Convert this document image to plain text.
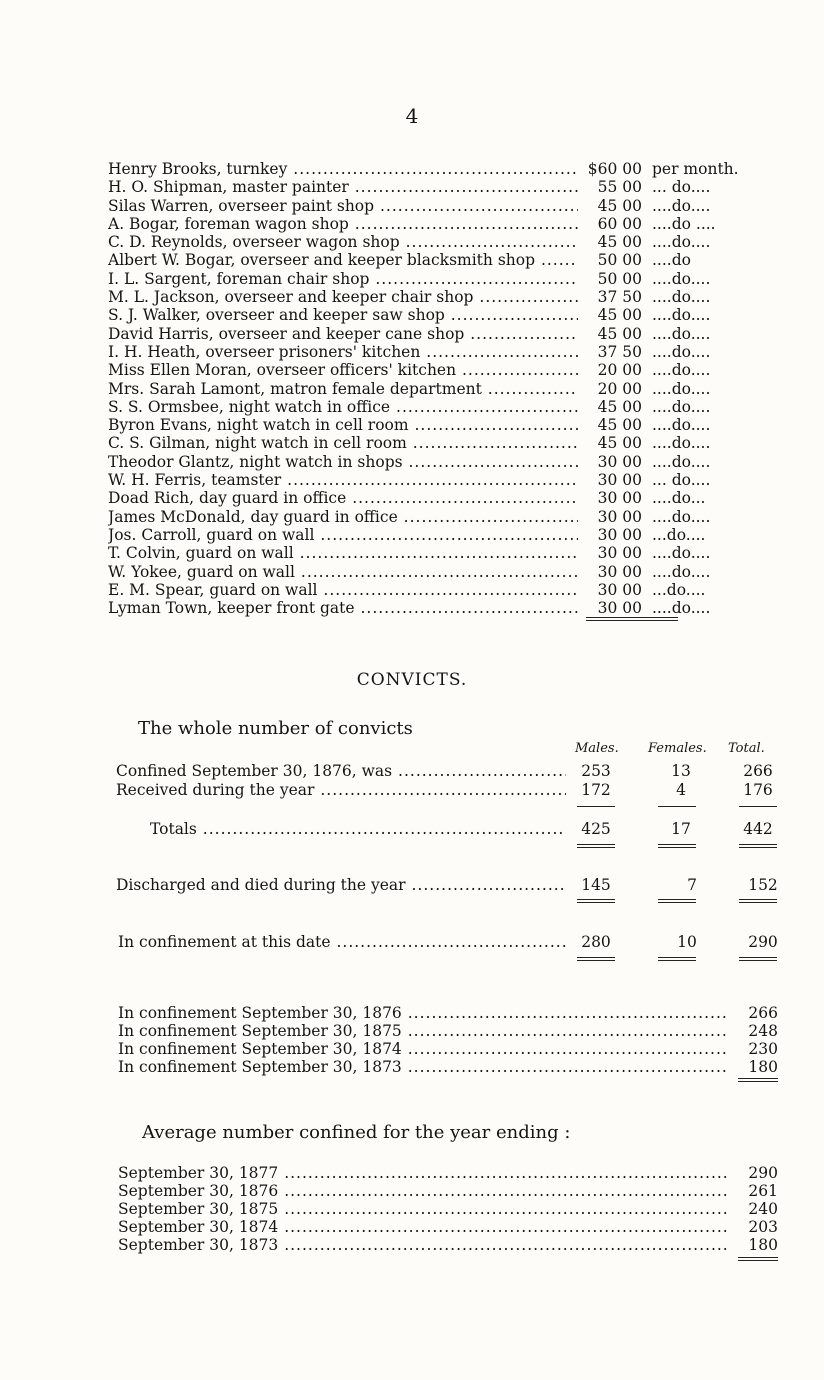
4
Henry Brooks, turnkey .....	$60 00 per month.
H. O. Shipman, master painter .....	55 00 ... do....
Silas Warren, overseer paint shop .....	45 00 ....do....
A. Bogar, foreman wagon shop .....	60 00 ....do ....
C. D. Reynolds, overseer wagon shop .....	45 00 ....do....
Albert W. Bogar, overseer and keeper blacksmith shop .....	50 00 ....do
I. L. Sargent, foreman chair shop .....	50 00 ....do....
M. L. Jackson, overseer and keeper chair shop .....	37 50 ....do....
S. J. Walker, overseer and keeper saw shop .....	45 00 ....do....
David Harris, overseer and keeper cane shop .....	45 00 ....do....
I. H. Heath, overseer prisoners' kitchen .....	37 50 ....do....
Miss Ellen Moran, overseer officers' kitchen .....	20 00 ....do....
Mrs. Sarah Lamont, matron female department .....	20 00 ....do....
S. S. Ormsbee, night watch in office .....	45 00 ....do....
Byron Evans, night watch in cell room .....	45 00 ....do....
C. S. Gilman, night watch in cell room .....	45 00 ....do....
Theodor Glantz, night watch in shops .....	30 00 ....do....
W. H. Ferris, teamster .....	30 00 ... do....
Doad Rich, day guard in office .....	30 00 ....do...
James McDonald, day guard in office .....	30 00 ....do....
Jos. Carroll, guard on wall .....	30 00 ...do....
T. Colvin, guard on wall .....	30 00 ....do....
W. Yokee, guard on wall .....	30 00 ....do....
E. M. Spear, guard on wall .....	30 00 ...do....
Lyman Town, keeper front gate .....	30 00 ....do....
CONVICTS.
The whole number of convicts
Males. Females. Total.
Confined September 30, 1876, was .....	253	13	266
Received during the year .....	172	4	176
Totals .....	425	17	442
Discharged and died during the year .....	145	7	152
In confinement at this date .....	280	10	290
In confinement September 30, 1876 .....	266
In confinement September 30, 1875 .....	248
In confinement September 30, 1874 .....	230
In confinement September 30, 1873 .....	180
Average number confined for the year ending :
September 30, 1877 .....	290
September 30, 1876 .....	261
September 30, 1875 .....	240
September 30, 1874 .....	203
September 30, 1873 .....	180
